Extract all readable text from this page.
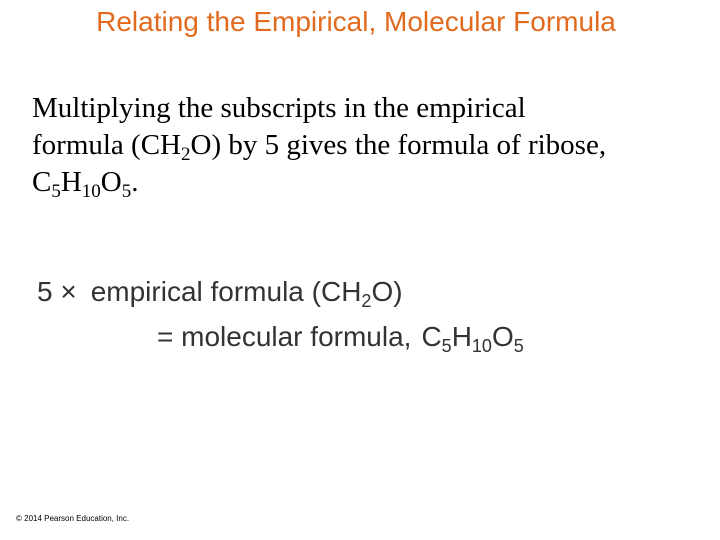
Relating the Empirical, Molecular Formula
Multiplying the subscripts in the empirical
formula $(CH_2O)$ by 5 gives the formula of ribose,
$C_5H_{10}O_5$.
5 × empirical formula $(CH_2O)$
= molecular formula, $C_5H_{10}O_5$
© 2014 Pearson Education, Inc.
